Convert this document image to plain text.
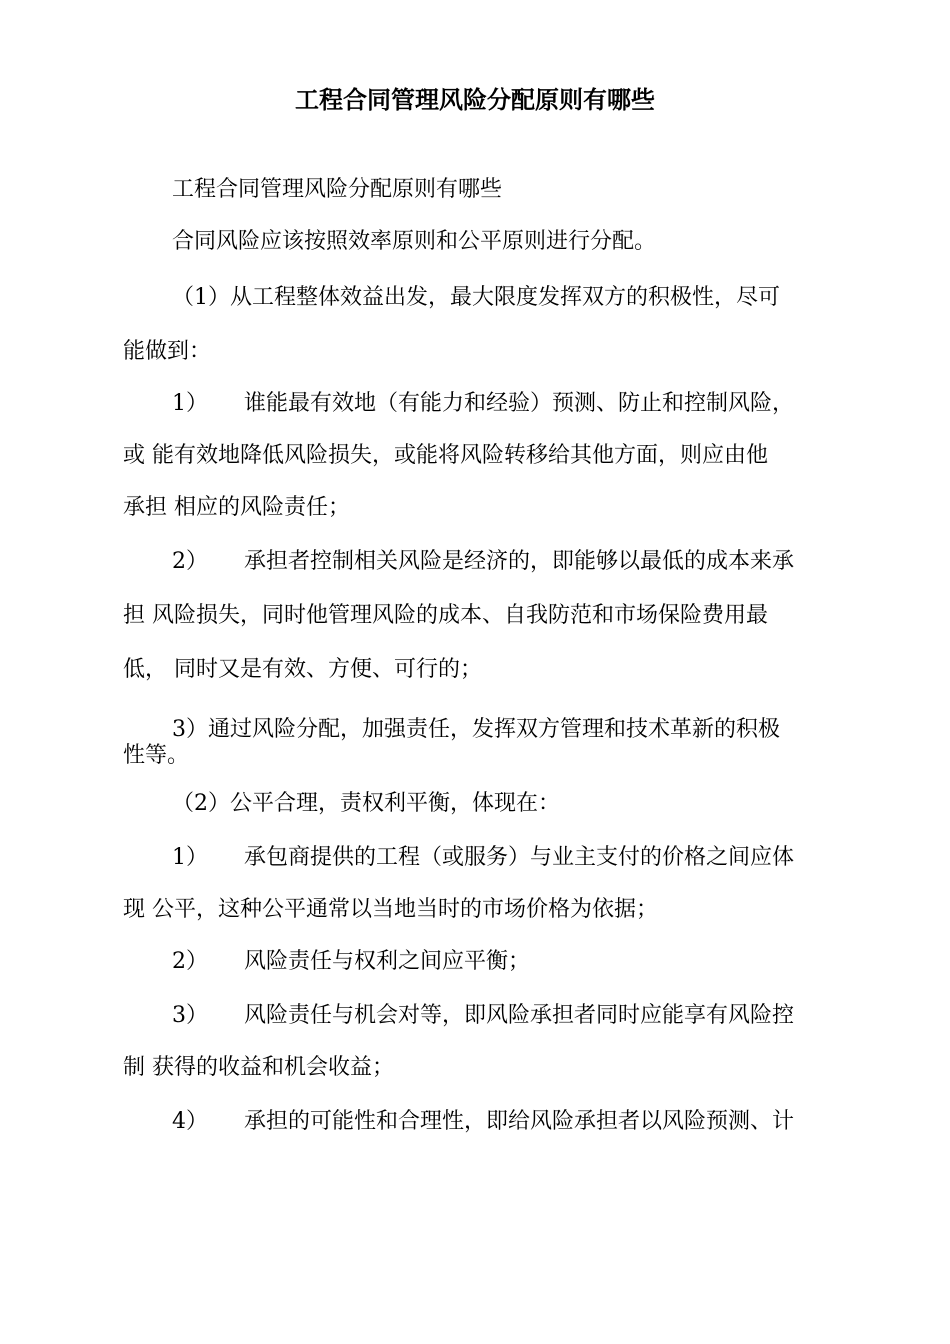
工程合同管理风险分配原则有哪些

工程合同管理风险分配原则有哪些

合同风险应该按照效率原则和公平原则进行分配。

（1）从工程整体效益出发，最大限度发挥双方的积极性，尽可

能做到：

1） 谁能最有效地（有能力和经验）预测、防止和控制风险，

或 能有效地降低风险损失，或能将风险转移给其他方面，则应由他

承担 相应的风险责任；

2） 承担者控制相关风险是经济的，即能够以最低的成本来承

担 风险损失，同时他管理风险的成本、自我防范和市场保险费用最

低， 同时又是有效、方便、可行的；

3）通过风险分配，加强责任，发挥双方管理和技术革新的积极

性等。

（2）公平合理，责权利平衡，体现在：

1） 承包商提供的工程（或服务）与业主支付的价格之间应体

现 公平，这种公平通常以当地当时的市场价格为依据；

2） 风险责任与权利之间应平衡；

3） 风险责任与机会对等，即风险承担者同时应能享有风险控

制 获得的收益和机会收益；

4） 承担的可能性和合理性，即给风险承担者以风险预测、计
